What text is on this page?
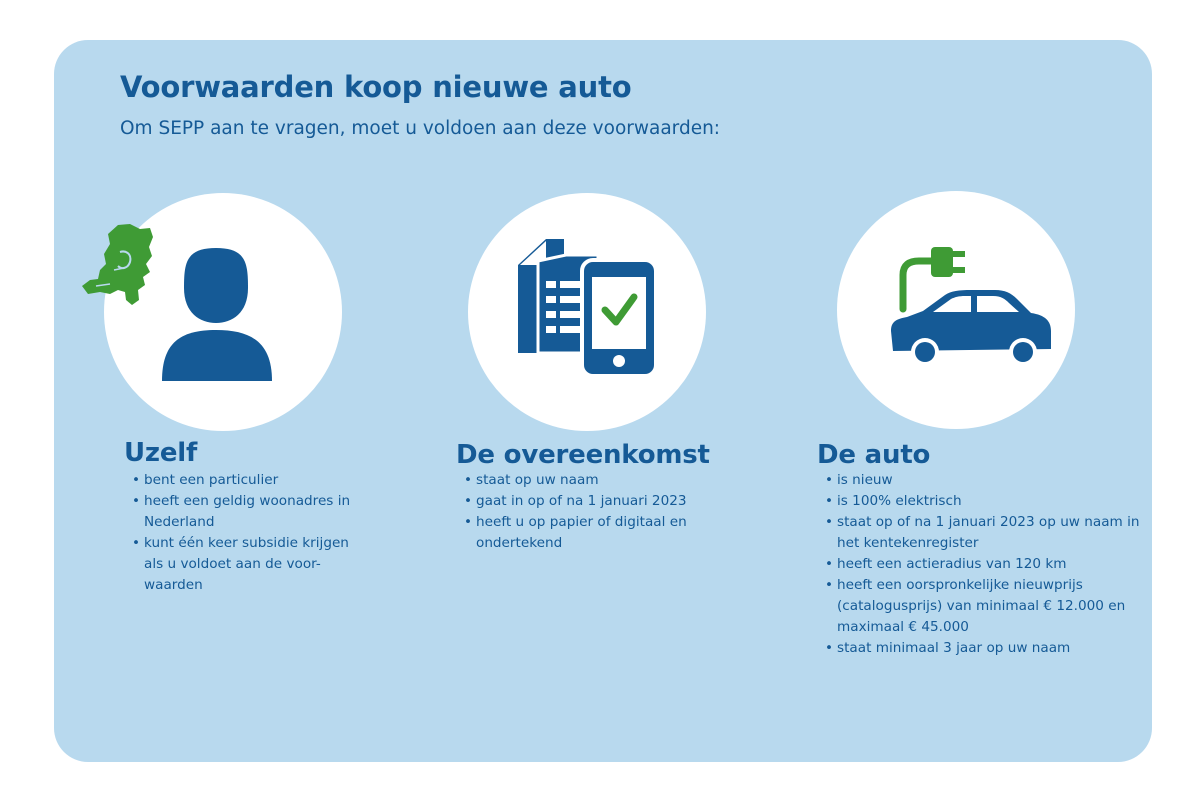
Voorwaarden koop nieuwe auto

Om SEPP aan te vragen, moet u voldoen aan deze voorwaarden:

Uzelf
• bent een particulier
• heeft een geldig woonadres in Nederland
• kunt één keer subsidie krijgen als u voldoet aan de voor-waarden
De overeenkomst
• staat op uw naam
• gaat in op of na 1 januari 2023
• heeft u op papier of digitaal en ondertekend
De auto
• is nieuw
• is 100% elektrisch
• staat op of na 1 januari 2023 op uw naam in het kentekenregister
• heeft een actieradius van 120 km
• heeft een oorspronkelijke nieuwprijs (catalogusprijs) van minimaal € 12.000 en maximaal € 45.000
• staat minimaal 3 jaar op uw naam
